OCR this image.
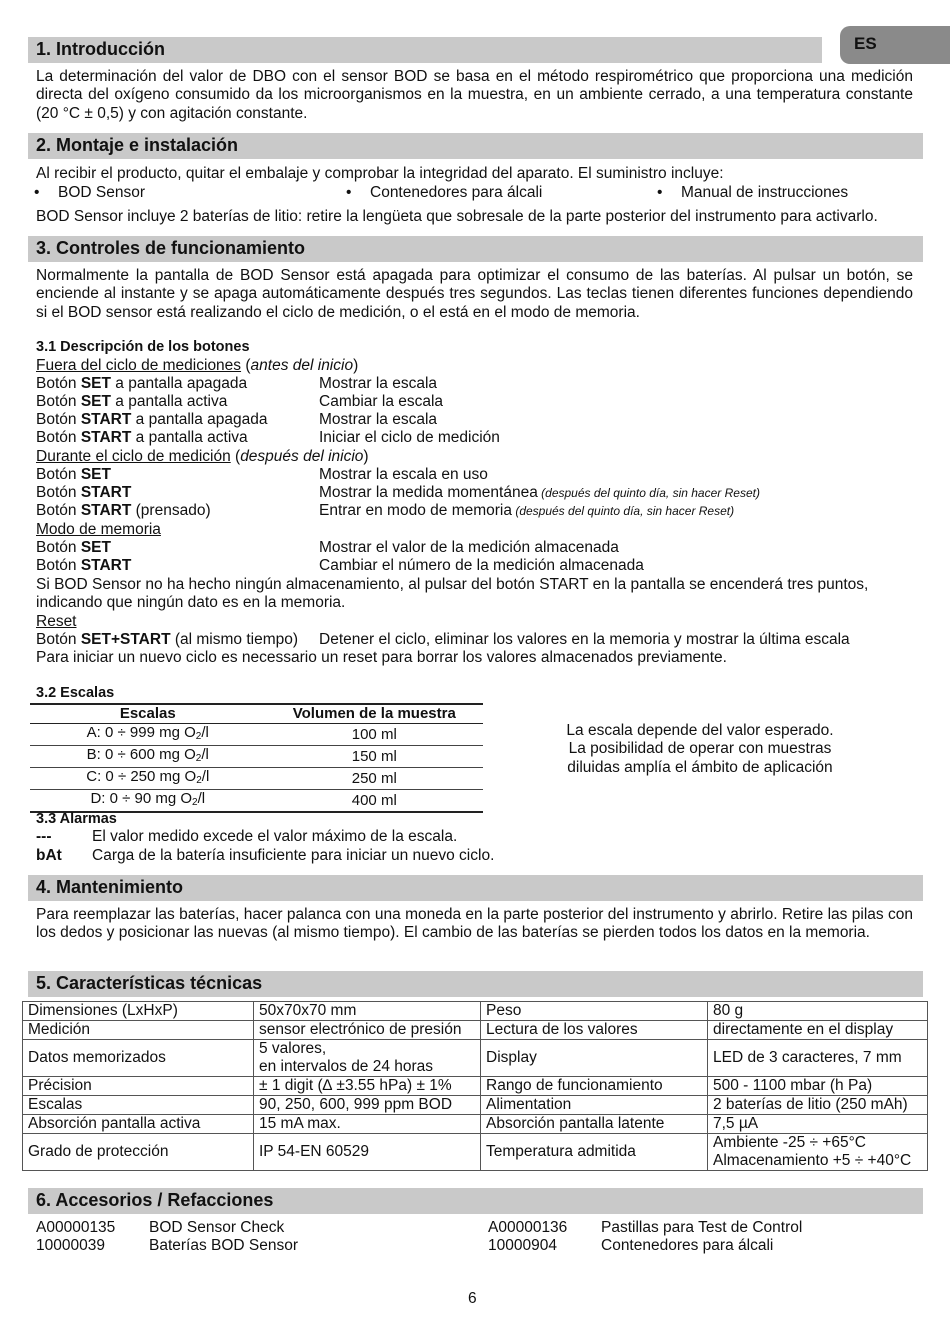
ES
1. Introducción
La determinación del valor de DBO con el sensor BOD se basa en el método respirométrico que proporciona una medición directa del oxígeno consumido da los microorganismos en la muestra, en un ambiente cerrado, a una temperatura constante (20 °C ± 0,5) y con agitación constante.
2. Montaje e instalación
Al recibir el producto, quitar el embalaje y comprobar la integridad del aparato. El suministro incluye:
• BOD Sensor	• Contenedores para álcali	• Manual de instrucciones
BOD Sensor incluye 2 baterías de litio: retire la lengüeta que sobresale de la parte posterior del instrumento para activarlo.
3. Controles de funcionamiento
Normalmente la pantalla de BOD Sensor está apagada para optimizar el consumo de las baterías. Al pulsar un botón, se enciende al instante y se apaga automáticamente después tres segundos. Las teclas tienen diferentes funciones dependiendo si el BOD sensor está realizando el ciclo de medición, o el está en el modo de memoria.
3.1 Descripción de los botones
Fuera del ciclo de mediciones (antes del inicio)
Botón SET a pantalla apagada	Mostrar la escala
Botón SET a pantalla activa	Cambiar la escala
Botón START a pantalla apagada	Mostrar la escala
Botón START a pantalla activa	Iniciar el ciclo de medición
Durante el ciclo de medición (después del inicio)
Botón SET	Mostrar la escala en uso
Botón START	Mostrar la medida momentánea (después del quinto día, sin hacer Reset)
Botón START (prensado)	Entrar en modo de memoria (después del quinto día, sin hacer Reset)
Modo de memoria
Botón SET	Mostrar el valor de la medición almacenada
Botón START	Cambiar el número de la medición almacenada
Si BOD Sensor no ha hecho ningún almacenamiento, al pulsar del botón START en la pantalla se encenderá tres puntos, indicando que ningún dato es en la memoria.
Reset
Botón SET+START (al mismo tiempo) Detener el ciclo, eliminar los valores en la memoria y mostrar la última escala
Para iniciar un nuevo ciclo es necessario un reset para borrar los valores almacenados previamente.
3.2 Escalas
Escalas	Volumen de la muestra
A: 0 ÷ 999 mg $O_2/l$	100 ml
B: 0 ÷ 600 mg $O_2/l$	150 ml
C: 0 ÷ 250 mg $O_2/l$	250 ml
D: 0 ÷ 90 mg $O_2/l$	400 ml
La escala depende del valor esperado.
La posibilidad de operar con muestras
diluidas amplía el ámbito de aplicación
3.3 Alarmas
---	El valor medido excede el valor máximo de la escala.
bAt Carga de la batería insuficiente para iniciar un nuevo ciclo.
4. Mantenimiento
Para reemplazar las baterías, hacer palanca con una moneda en la parte posterior del instrumento y abrirlo. Retire las pilas con los dedos y posicionar las nuevas (al mismo tiempo). El cambio de las baterías se pierden todos los datos en la memoria.
5. Características técnicas
Dimensiones (LxHxP)	50x70x70 mm	Peso	80 g
Medición	sensor electrónico de presión	Lectura de los valores	directamente en el display
Datos memorizados	5 valores,
en intervalos de 24 horas	Display	LED de 3 caracteres, 7 mm
Précision	± 1 digit (∆ ±3.55 hPa) ± 1%	Rango de funcionamiento	500 - 1100 mbar (h Pa)
Escalas	90, 250, 600, 999 ppm BOD	Alimentation	2 baterías de litio (250 mAh)
Absorción pantalla activa	15 mA max.	Absorción pantalla latente	7,5 µA
Grado de protección	IP 54-EN 60529	Temperatura admitida	Ambiente -25 ÷ +65°C
Almacenamiento +5 ÷ +40°C
6. Accesorios / Refacciones
A00000135 BOD Sensor Check	A00000136 Pastillas para Test de Control
10000039	Baterías BOD Sensor	10000904	Contenedores para álcali
6
